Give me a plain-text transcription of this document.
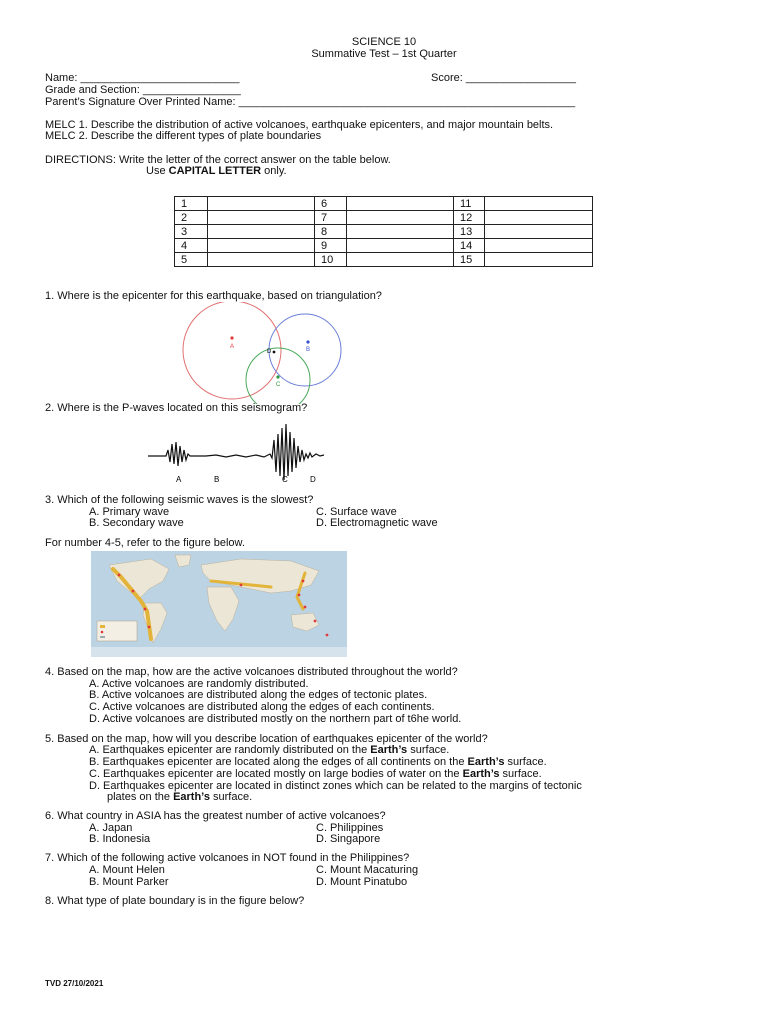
SCIENCE 10
Summative Test – 1st Quarter
Name: __________________________	Score: __________________
Grade and Section: ________________
Parent’s Signature Over Printed Name: _______________________________________________________
MELC 1. Describe the distribution of active volcanoes, earthquake epicenters, and major mountain belts.
MELC 2. Describe the different types of plate boundaries
DIRECTIONS: Write the letter of the correct answer on the table below.
Use CAPITAL LETTER only.
1		6		11	
2		7		12	
3		8		13	
4		9		14	
5		10		15	
1. Where is the epicenter for this earthquake, based on triangulation?
A	B
C
D
2. Where is the P-waves located on this seismogram?
A	B	C	D
3. Which of the following seismic waves is the slowest?
A. Primary wave	C. Surface wave
B. Secondary wave	D. Electromagnetic wave
For number 4-5, refer to the figure below.
4. Based on the map, how are the active volcanoes distributed throughout the world?
A. Active volcanoes are randomly distributed.
B. Active volcanoes are distributed along the edges of tectonic plates.
C. Active volcanoes are distributed along the edges of each continents.
D. Active volcanoes are distributed mostly on the northern part of t6he world.
5. Based on the map, how will you describe location of earthquakes epicenter of the world?
A. Earthquakes epicenter are randomly distributed on the Earth’s surface.
B. Earthquakes epicenter are located along the edges of all continents on the Earth’s surface.
C. Earthquakes epicenter are located mostly on large bodies of water on the Earth’s surface.
D. Earthquakes epicenter are located in distinct zones which can be related to the margins of tectonic
plates on the Earth’s surface.
6. What country in ASIA has the greatest number of active volcanoes?
A. Japan	C. Philippines
B. Indonesia	D. Singapore
7. Which of the following active volcanoes in NOT found in the Philippines?
A. Mount Helen	C. Mount Macaturing
B. Mount Parker	D. Mount Pinatubo
8. What type of plate boundary is in the figure below?
TVD 27/10/2021
